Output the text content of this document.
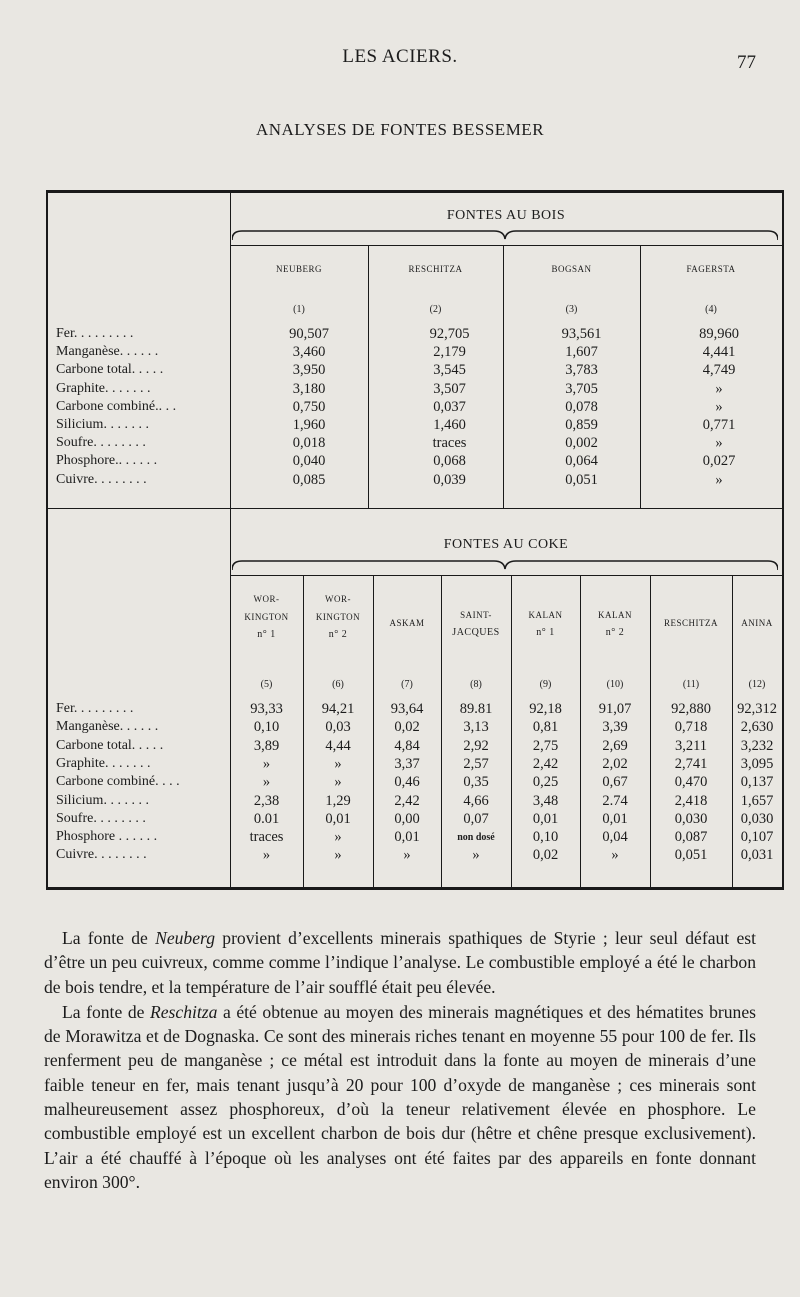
LES ACIERS.	77
ANALYSES DE FONTES BESSEMER
FONTES AU BOIS
NEUBERG
(1)
RESCHITZA
(2)
BOGSAN
(3)
FAGERSTA
(4)
Fer. . . . . . . . .	90,507	92,705	93,561	89,960
Manganèse. . . . . .	3,460	2,179	1,607	4,441
Carbone total. . . . .	3,950	3,545	3,783	4,749
Graphite. . . . . . .	3,180	3,507	3,705	»
Carbone combiné.. . .	0,750	0,037	0,078	»
Silicium. . . . . . .	1,960	1,460	0,859	0,771
Soufre. . . . . . . .	0,018	traces	0,002	»
Phosphore.. . . . . .	0,040	0,068	0,064	0,027
Cuivre. . . . . . . .	0,085	0,039	0,051	»
FONTES AU COKE
WOR-
KINGTON
n° 1
(5)
WOR-
KINGTON
n° 2
(6)
ASKAM
(7)
SAINT-
JACQUES
(8)
KALAN
n° 1
(9)
KALAN
n° 2
(10)
RESCHITZA
(11)
ANINA
(12)
Fer. . . . . . . . .	93,33	94,21	93,64	89.81	92,18	91,07	92,880	92,312
Manganèse. . . . . .	0,10	0,03	0,02	3,13	0,81	3,39	0,718	2,630
Carbone total. . . . .	3,89	4,44	4,84	2,92	2,75	2,69	3,211	3,232
Graphite. . . . . . .	»	»	3,37	2,57	2,42	2,02	2,741	3,095
Carbone combiné. . . .	»	»	0,46	0,35	0,25	0,67	0,470	0,137
Silicium. . . . . . .	2,38	1,29	2,42	4,66	3,48	2.74	2,418	1,657
Soufre. . . . . . . .	0.01	0,01	0,00	0,07	0,01	0,01	0,030	0,030
Phosphore . . . . . .	traces	»	0,01	non dosé	0,10	0,04	0,087	0,107
Cuivre. . . . . . . .	»	»	»	»	0,02	»	0,051	0,031

La fonte de Neuberg provient d’excellents minerais spathiques de Styrie ; leur seul défaut est d’être un peu cuivreux, comme comme l’indique l’analyse. Le combustible employé a été le charbon de bois tendre, et la température de l’air soufflé était peu élevée.

La fonte de Reschitza a été obtenue au moyen des minerais magnétiques et des hématites brunes de Morawitza et de Dognaska. Ce sont des minerais riches tenant en moyenne 55 pour 100 de fer. Ils renferment peu de manganèse ; ce métal est introduit dans la fonte au moyen de minerais d’une faible teneur en fer, mais tenant jusqu’à 20 pour 100 d’oxyde de manganèse ; ces minerais sont malheureusement assez phosphoreux, d’où la teneur relativement élevée en phosphore. Le combustible employé est un excellent charbon de bois dur (hêtre et chêne presque exclusivement). L’air a été chauffé à l’époque où les analyses ont été faites par des appareils en fonte donnant environ 300°.
